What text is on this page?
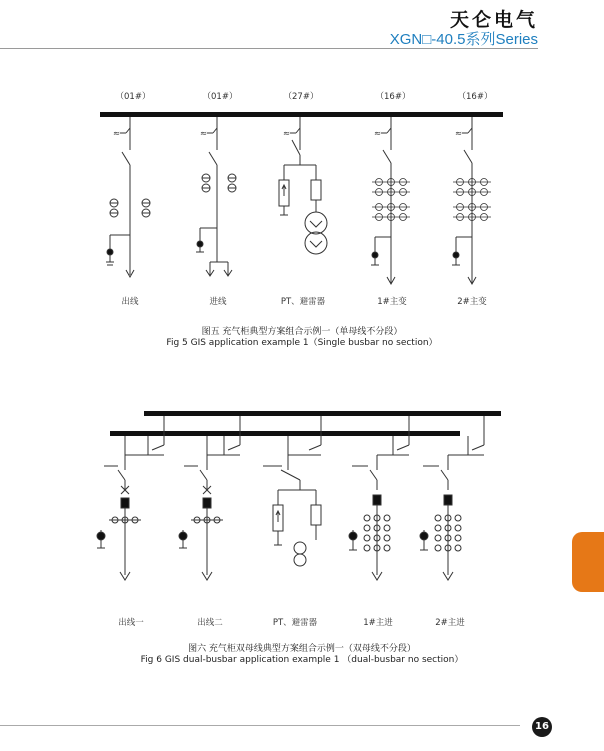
天仑电气
XGN□-40.5系列Series
≈	≈	≈	≈	≈
（01#）	（01#）	（27#）	（16#）	（16#）
出线	进线	PT、避雷器	1#主变	2#主变
出线一	出线二	PT、避雷器	1#主进	2#主进
图五 充气柜典型方案组合示例一（单母线不分段）
Fig 5 GIS application example 1（Single busbar no section）
图六 充气柜双母线典型方案组合示例一（双母线不分段）
Fig 6 GIS dual-busbar application example 1 （dual-busbar no section）
16
